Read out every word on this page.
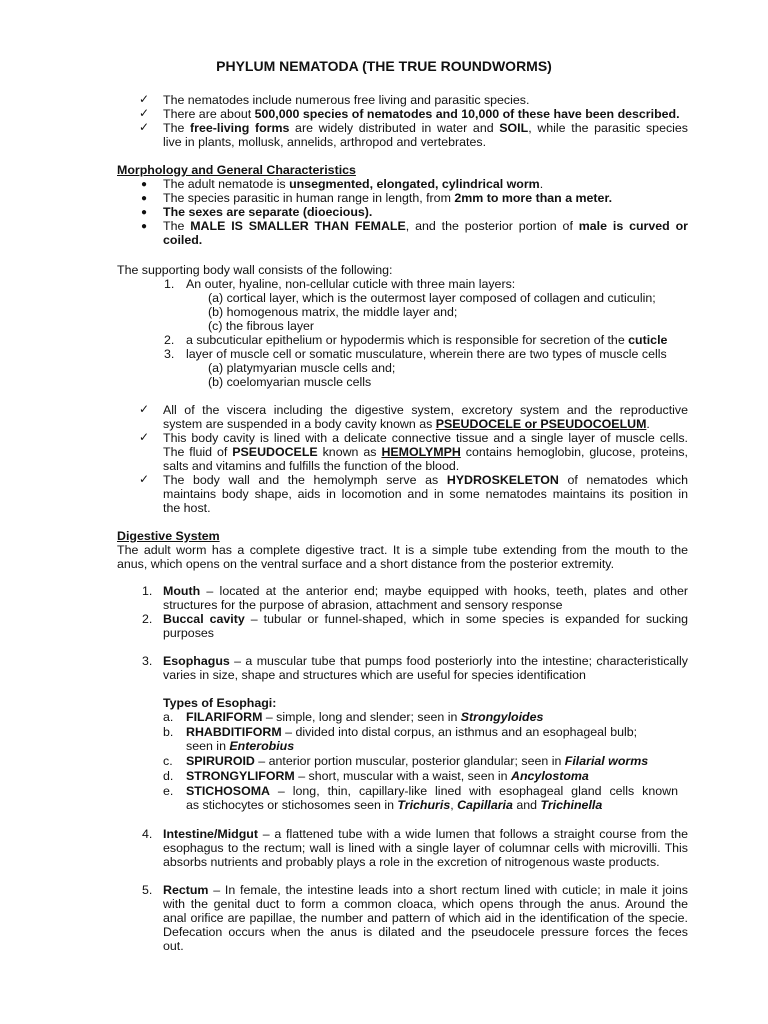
PHYLUM NEMATODA (THE TRUE ROUNDWORMS)
✓ The nematodes include numerous free living and parasitic species.
✓ There are about 500,000 species of nematodes and 10,000 of these have been described.
✓ The free-living forms are widely distributed in water and SOIL, while the parasitic species
live in plants, mollusk, annelids, arthropod and vertebrates.
Morphology and General Characteristics
● The adult nematode is unsegmented, elongated, cylindrical worm.
● The species parasitic in human range in length, from 2mm to more than a meter.
● The sexes are separate (dioecious).
● The MALE IS SMALLER THAN FEMALE, and the posterior portion of male is curved or
coiled.
The supporting body wall consists of the following:
1. An outer, hyaline, non-cellular cuticle with three main layers:
(a) cortical layer, which is the outermost layer composed of collagen and cuticulin;
(b) homogenous matrix, the middle layer and;
(c) the fibrous layer
2. a subcuticular epithelium or hypodermis which is responsible for secretion of the cuticle
3. layer of muscle cell or somatic musculature, wherein there are two types of muscle cells
(a) platymyarian muscle cells and;
(b) coelomyarian muscle cells
✓ All of the viscera including the digestive system, excretory system and the reproductive
system are suspended in a body cavity known as PSEUDOCELE or PSEUDOCOELUM.
✓ This body cavity is lined with a delicate connective tissue and a single layer of muscle cells.
The fluid of PSEUDOCELE known as HEMOLYMPH contains hemoglobin, glucose, proteins,
salts and vitamins and fulfills the function of the blood.
✓ The body wall and the hemolymph serve as HYDROSKELETON of nematodes which
maintains body shape, aids in locomotion and in some nematodes maintains its position in
the host.
Digestive System
The adult worm has a complete digestive tract. It is a simple tube extending from the mouth to the
anus, which opens on the ventral surface and a short distance from the posterior extremity.
1. Mouth – located at the anterior end; maybe equipped with hooks, teeth, plates and other
structures for the purpose of abrasion, attachment and sensory response
2. Buccal cavity – tubular or funnel-shaped, which in some species is expanded for sucking
purposes
3. Esophagus – a muscular tube that pumps food posteriorly into the intestine; characteristically
varies in size, shape and structures which are useful for species identification
Types of Esophagi:
a. FILARIFORM – simple, long and slender; seen in Strongyloides
b. RHABDITIFORM – divided into distal corpus, an isthmus and an esophageal bulb;
seen in Enterobius
c. SPIRUROID – anterior portion muscular, posterior glandular; seen in Filarial worms
d. STRONGYLIFORM – short, muscular with a waist, seen in Ancylostoma
e. STICHOSOMA – long, thin, capillary-like lined with esophageal gland cells known
as stichocytes or stichosomes seen in Trichuris, Capillaria and Trichinella
4. Intestine/Midgut – a flattened tube with a wide lumen that follows a straight course from the
esophagus to the rectum; wall is lined with a single layer of columnar cells with microvilli. This
absorbs nutrients and probably plays a role in the excretion of nitrogenous waste products.
5. Rectum – In female, the intestine leads into a short rectum lined with cuticle; in male it joins
with the genital duct to form a common cloaca, which opens through the anus. Around the
anal orifice are papillae, the number and pattern of which aid in the identification of the specie.
Defecation occurs when the anus is dilated and the pseudocele pressure forces the feces
out.
